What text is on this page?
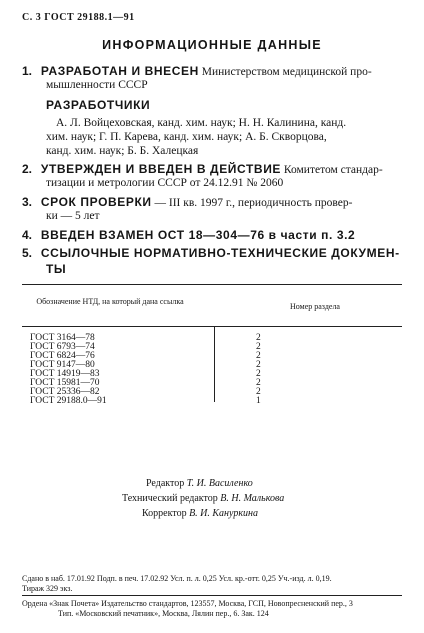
С. 3 ГОСТ 29188.1—91
ИНФОРМАЦИОННЫЕ ДАННЫЕ
1. РАЗРАБОТАН И ВНЕСЕН Министерством медицинской про-
мышленности СССР
РАЗРАБОТЧИКИ
А. Л. Войцеховская, канд. хим. наук; Н. Н. Калинина, канд.
хим. наук; Г. П. Карева, канд. хим. наук; А. Б. Скворцова,
канд. хим. наук; Б. Б. Халецкая
2. УТВЕРЖДЕН И ВВЕДЕН В ДЕЙСТВИЕ Комитетом стандар-
тизации и метрологии СССР от 24.12.91 № 2060
3. СРОК ПРОВЕРКИ — III кв. 1997 г., периодичность провер-
ки — 5 лет
4. ВВЕДЕН ВЗАМЕН ОСТ 18—304—76 в части п. 3.2
5. ССЫЛОЧНЫЕ НОРМАТИВНО-ТЕХНИЧЕСКИЕ ДОКУМЕН-
ТЫ
Обозначение НТД, на который дана ссылка
Номер раздела
ГОСТ 3164—78	2
ГОСТ 6793—74	2
ГОСТ 6824—76	2
ГОСТ 9147—80	2
ГОСТ 14919—83	2
ГОСТ 15981—70	2
ГОСТ 25336—82	2
ГОСТ 29188.0—91	1
Редактор Т. И. Василенко
Технический редактор В. Н. Малькова
Корректор В. И. Кануркина
Сдано в наб. 17.01.92 Подп. в печ. 17.02.92 Усл. п. л. 0,25 Усл. кр.-отт. 0,25 Уч.-изд. л. 0,19.
Тираж 329 экз.
Ордена «Знак Почета» Издательство стандартов, 123557, Москва, ГСП, Новопресненский пер., 3
Тип. «Московский печатник», Москва, Лялин пер., 6. Зак. 124
